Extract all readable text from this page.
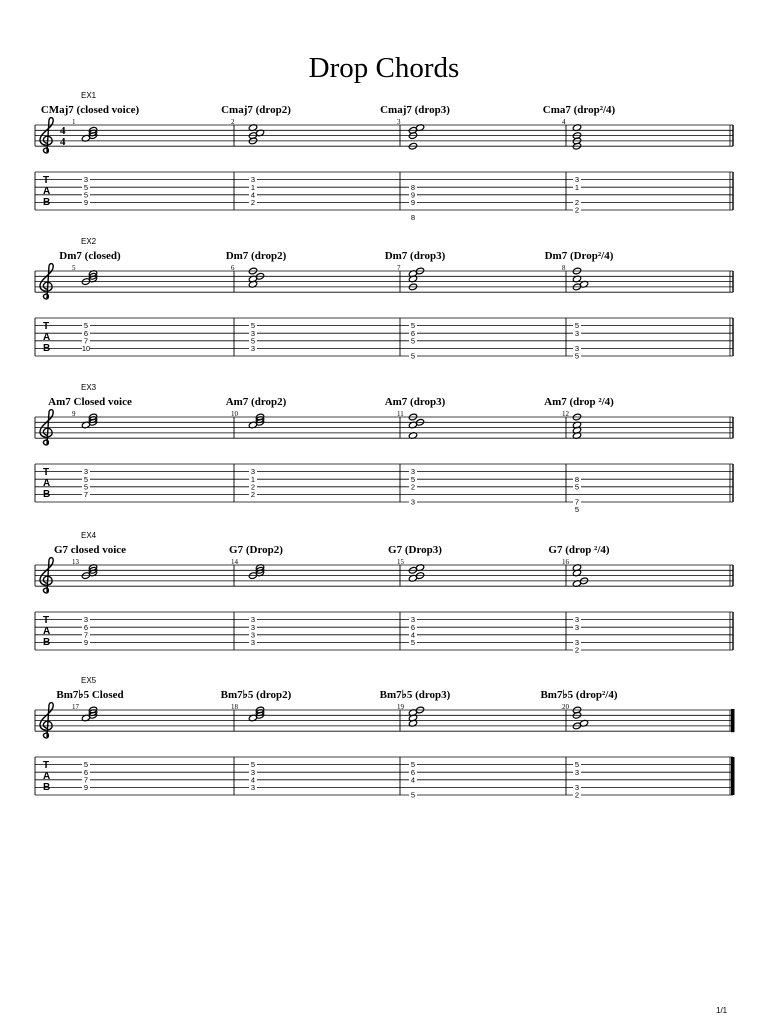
Drop Chords
EX1
T
A
B
4
4
CMaj7 (closed voice)
1
3
5
5
9
Cmaj7 (drop2)
2
3
1
4
2
Cmaj7 (drop3)
3
8
9
9
8
Cma7 (drop²/4)
4
3
1
2
2
EX2
T
A
B
Dm7 (closed)
5
5
6
7
10
Dm7 (drop2)
6
5
3
5
3
Dm7 (drop3)
7
5
6
5
5
Dm7 (Drop²/4)
8
5
3
3
5
EX3
T
A
B
Am7 Closed voice
9
3
5
5
7
Am7 (drop2)
10
3
1
2
2
Am7 (drop3)
11
3
5
2
3
Am7 (drop ²/4)
12
8
5
7
5
EX4
T
A
B
G7 closed voice
13
3
6
7
9
G7 (Drop2)
14
3
3
3
3
G7 (Drop3)
15
3
6
4
5
G7 (drop ²/4)
16
3
3
3
2
EX5
T
A
B
Bm7♭5 Closed
17
5
6
7
9
Bm7♭5 (drop2)
18
5
3
4
3
Bm7♭5 (drop3)
19
5
6
4
5
Bm7♭5 (drop²/4)
20
5
3
3
2
1/1
